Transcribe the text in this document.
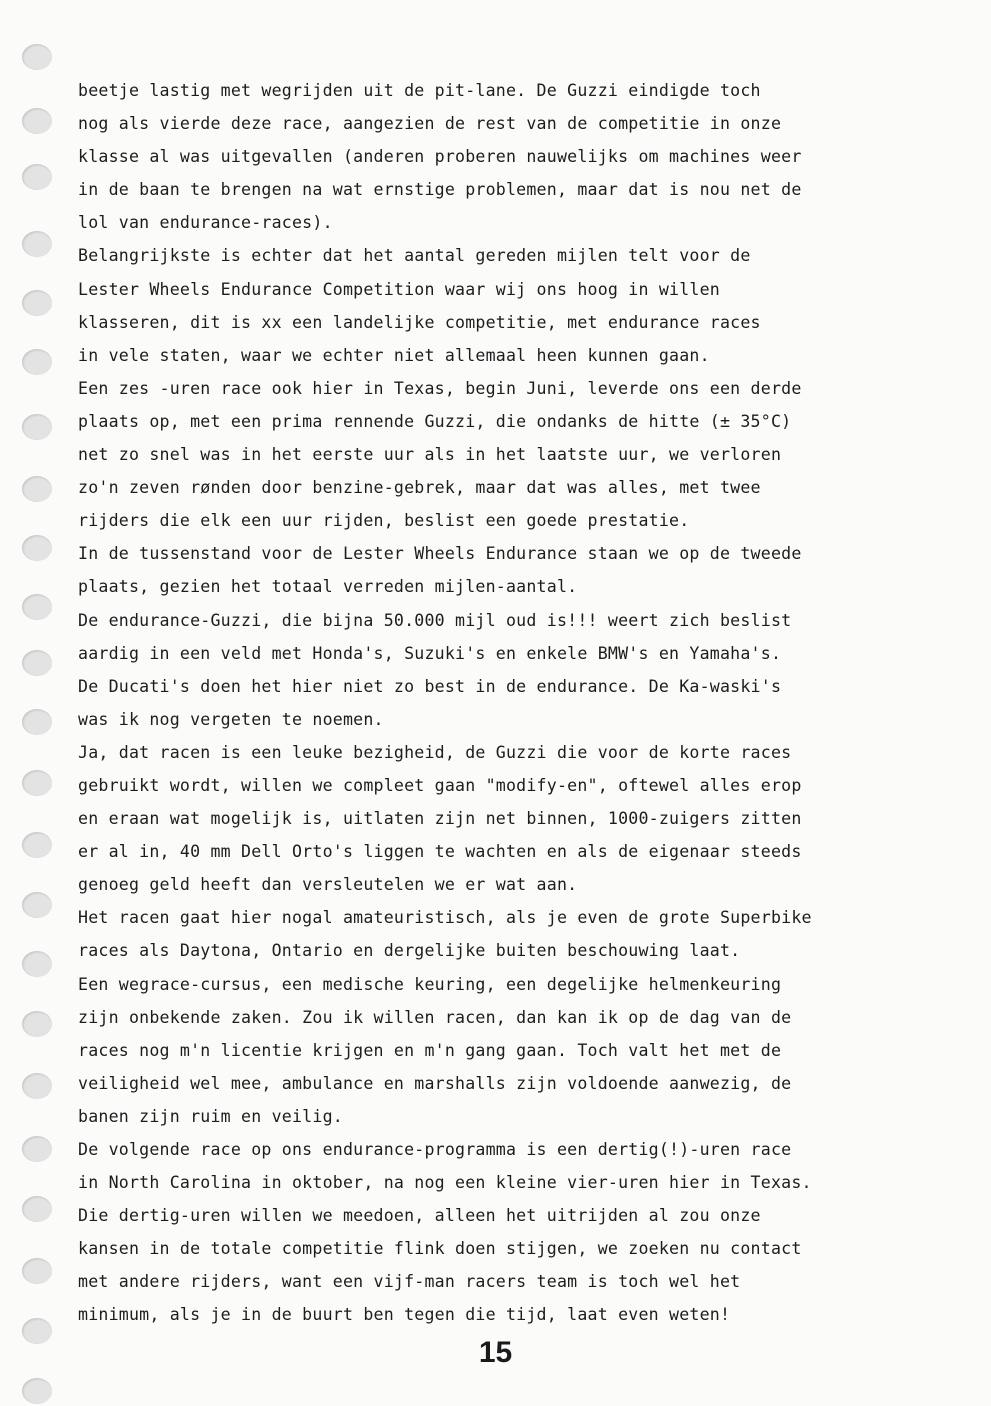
beetje lastig met wegrijden uit de pit-lane. De Guzzi eindigde toch
nog als vierde deze race, aangezien de rest van de competitie in onze
klasse al was uitgevallen (anderen proberen nauwelijks om machines weer
in de baan te brengen na wat ernstige problemen, maar dat is nou net de
lol van endurance-races).
Belangrijkste is echter dat het aantal gereden mijlen telt voor de
Lester Wheels Endurance Competition waar wij ons hoog in willen
klasseren, dit is xx een landelijke competitie, met endurance races
in vele staten, waar we echter niet allemaal heen kunnen gaan.
Een zes -uren race ook hier in Texas, begin Juni, leverde ons een derde
plaats op, met een prima rennende Guzzi, die ondanks de hitte (± 35°C)
net zo snel was in het eerste uur als in het laatste uur, we verloren
zo'n zeven rønden door benzine-gebrek, maar dat was alles, met twee
rijders die elk een uur rijden, beslist een goede prestatie.
In de tussenstand voor de Lester Wheels Endurance staan we op de tweede
plaats, gezien het totaal verreden mijlen-aantal.
De endurance-Guzzi, die bijna 50.000 mijl oud is!!! weert zich beslist
aardig in een veld met Honda's, Suzuki's en enkele BMW's en Yamaha's.
De Ducati's doen het hier niet zo best in de endurance. De Ka-waski's
was ik nog vergeten te noemen.
Ja, dat racen is een leuke bezigheid, de Guzzi die voor de korte races
gebruikt wordt, willen we compleet gaan "modify-en", oftewel alles erop
en eraan wat mogelijk is, uitlaten zijn net binnen, 1000-zuigers zitten
er al in, 40 mm Dell Orto's liggen te wachten en als de eigenaar steeds
genoeg geld heeft dan versleutelen we er wat aan.
Het racen gaat hier nogal amateuristisch, als je even de grote Superbike
races als Daytona, Ontario en dergelijke buiten beschouwing laat.
Een wegrace-cursus, een medische keuring, een degelijke helmenkeuring
zijn onbekende zaken. Zou ik willen racen, dan kan ik op de dag van de
races nog m'n licentie krijgen en m'n gang gaan. Toch valt het met de
veiligheid wel mee, ambulance en marshalls zijn voldoende aanwezig, de
banen zijn ruim en veilig.
De volgende race op ons endurance-programma is een dertig(!)-uren race
in North Carolina in oktober, na nog een kleine vier-uren hier in Texas.
Die dertig-uren willen we meedoen, alleen het uitrijden al zou onze
kansen in de totale competitie flink doen stijgen, we zoeken nu contact
met andere rijders, want een vijf-man racers team is toch wel het
minimum, als je in de buurt ben tegen die tijd, laat even weten!
15
